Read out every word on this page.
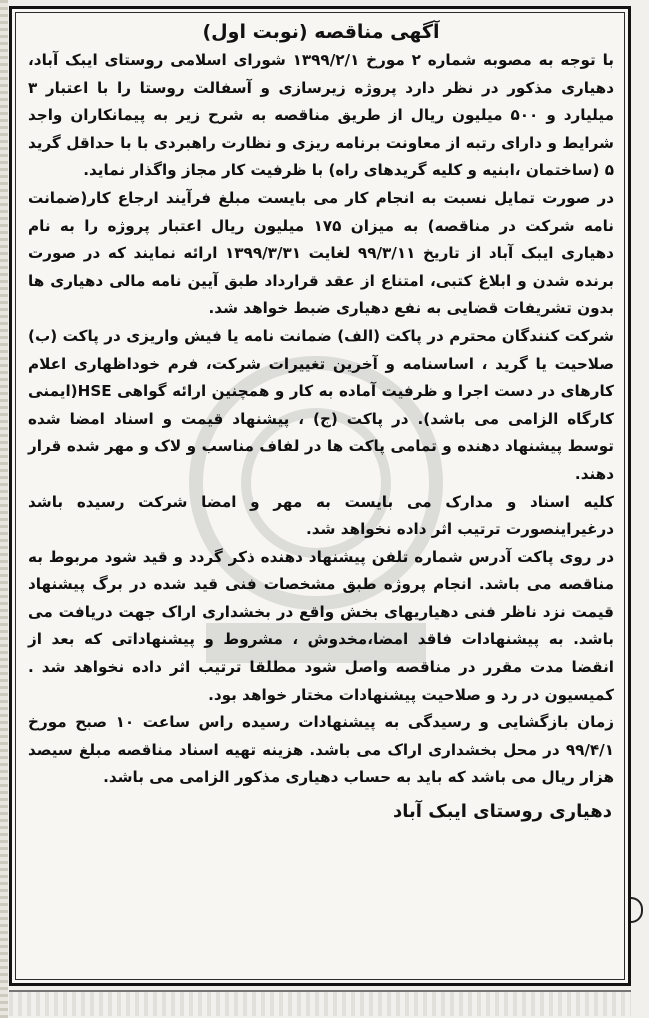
آگهی مناقصه (نوبت اول)

با توجه به مصوبه شماره ۲ مورخ ۱۳۹۹/۲/۱ شورای اسلامی روستای ایبک آباد، دهیاری مذکور در نظر دارد پروژه زیرسازی و آسفالت روستا را با اعتبار ۳ میلیارد و ۵۰۰ میلیون ریال از طریق مناقصه به شرح زیر به پیمانکاران واجد شرایط و دارای رتبه از معاونت برنامه ریزی و نظارت راهبردی با با حداقل گرید ۵ (ساختمان ،ابنیه و کلیه گریدهای راه) با ظرفیت کار مجاز واگذار نماید.

در صورت تمایل نسبت به انجام کار می بایست مبلغ فرآیند ارجاع کار(ضمانت نامه شرکت در مناقصه) به میزان ۱۷۵ میلیون ریال اعتبار پروژه را به نام دهیاری ایبک آباد از تاریخ ۹۹/۳/۱۱ لغایت ۱۳۹۹/۳/۳۱ ارائه نمایند که در صورت برنده شدن و ابلاغ کتبی، امتناع از عقد قرارداد طبق آیین نامه مالی دهیاری ها بدون تشریفات قضایی به نفع دهیاری ضبط خواهد شد.

شرکت کنندگان محترم در پاکت (الف) ضمانت نامه یا فیش واریزی در پاکت (ب) صلاحیت یا گرید ، اساسنامه و آخرین تغییرات شرکت، فرم خوداظهاری اعلام کارهای در دست اجرا و ظرفیت آماده به کار و همچنین ارائه گواهی HSE(ایمنی کارگاه الزامی می باشد). در پاکت (ج) ، پیشنهاد قیمت و اسناد امضا شده توسط پیشنهاد دهنده و تمامی پاکت ها در لفاف مناسب و لاک و مهر شده قرار دهند.

کلیه اسناد و مدارک می بایست به مهر و امضا شرکت رسیده باشد درغیراینصورت ترتیب اثر داده نخواهد شد.

در روی پاکت آدرس شماره تلفن پیشنهاد دهنده ذکر گردد و قید شود مربوط به مناقصه می باشد. انجام پروژه طبق مشخصات فنی قید شده در برگ پیشنهاد قیمت نزد ناظر فنی دهیاریهای بخش واقع در بخشداری اراک جهت دریافت می باشد. به پیشنهادات فاقد امضا،مخدوش ، مشروط و پیشنهاداتی که بعد از انقضا مدت مقرر در مناقصه واصل شود مطلقا ترتیب اثر داده نخواهد شد . کمیسیون در رد و صلاحیت پیشنهادات مختار خواهد بود.

زمان بازگشایی و رسیدگی به پیشنهادات رسیده راس ساعت ۱۰ صبح مورخ ۹۹/۴/۱ در محل بخشداری اراک می باشد. هزینه تهیه اسناد مناقصه مبلغ سیصد هزار ریال می باشد که باید به حساب دهیاری مذکور الزامی می باشد.

دهیاری روستای ایبک آباد
